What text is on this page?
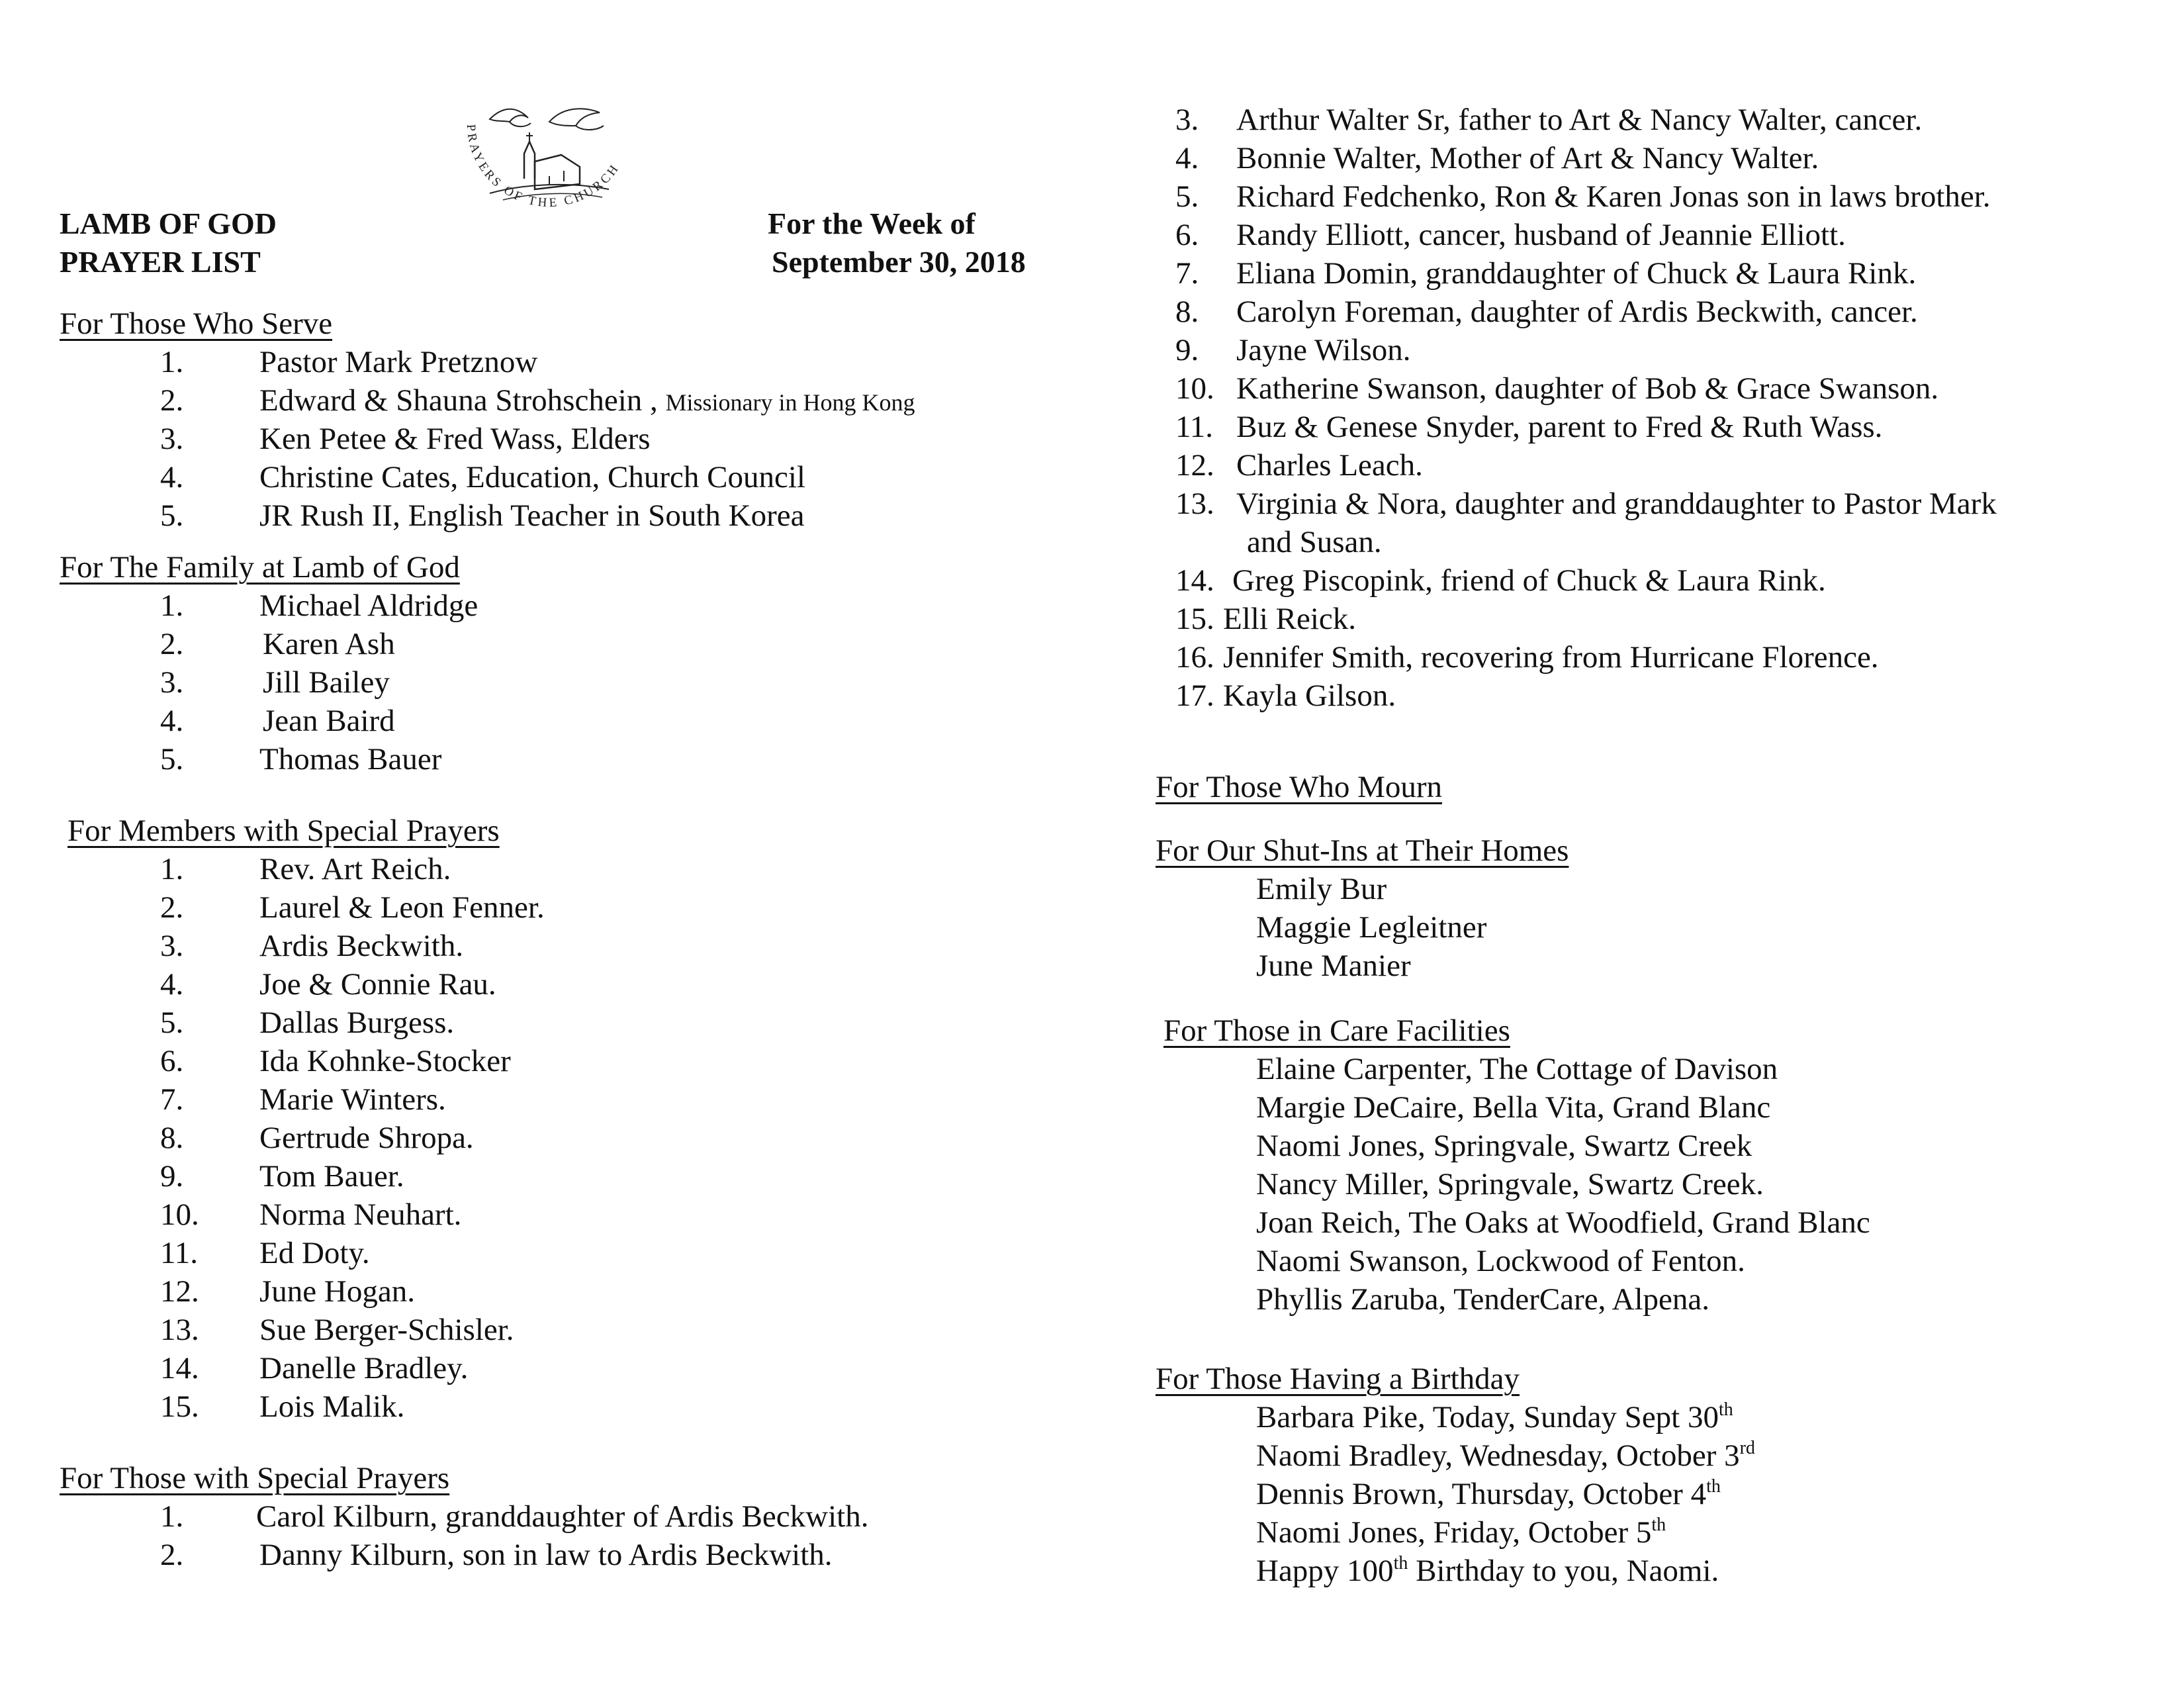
LAMB OF GOD
PRAYER LIST
For the Week of
September 30, 2018
PRAYERS OF THE CHURCH
For Those Who Serve
1. Pastor Mark Pretznow
2. Edward & Shauna Strohschein , Missionary in Hong Kong
3. Ken Petee & Fred Wass, Elders
4. Christine Cates, Education, Church Council
5. JR Rush II, English Teacher in South Korea
For The Family at Lamb of God
1. Michael Aldridge
2.	Karen Ash
3.	Jill Bailey
4.	Jean Baird
5. Thomas Bauer
For Members with Special Prayers
1. Rev. Art Reich.
2. Laurel & Leon Fenner.
3. Ardis Beckwith.
4. Joe & Connie Rau.
5. Dallas Burgess.
6. Ida Kohnke-Stocker
7. Marie Winters.
8. Gertrude Shropa.
9. Tom Bauer.
10. Norma Neuhart.
11. Ed Doty.
12. June Hogan.
13. Sue Berger-Schisler.
14. Danelle Bradley.
15. Lois Malik.
For Those with Special Prayers
1. Carol Kilburn, granddaughter of Ardis Beckwith.
2. Danny Kilburn, son in law to Ardis Beckwith.
3. Arthur Walter Sr, father to Art & Nancy Walter, cancer.
4. Bonnie Walter, Mother of Art & Nancy Walter.
5. Richard Fedchenko, Ron & Karen Jonas son in laws brother.
6. Randy Elliott, cancer, husband of Jeannie Elliott.
7. Eliana Domin, granddaughter of Chuck & Laura Rink.
8. Carolyn Foreman, daughter of Ardis Beckwith, cancer.
9. Jayne Wilson.
10. Katherine Swanson, daughter of Bob & Grace Swanson.
11. Buz & Genese Snyder, parent to Fred & Ruth Wass.
12. Charles Leach.
13. Virginia & Nora, daughter and granddaughter to Pastor Mark
and Susan.
14. Greg Piscopink, friend of Chuck & Laura Rink.
15. Elli Reick.
16. Jennifer Smith, recovering from Hurricane Florence.
17. Kayla Gilson.
For Those Who Mourn
For Our Shut-Ins at Their Homes
Emily Bur
Maggie Legleitner
June Manier
For Those in Care Facilities
Elaine Carpenter, The Cottage of Davison
Margie DeCaire, Bella Vita, Grand Blanc
Naomi Jones, Springvale, Swartz Creek
Nancy Miller, Springvale, Swartz Creek.
Joan Reich, The Oaks at Woodfield, Grand Blanc
Naomi Swanson, Lockwood of Fenton.
Phyllis Zaruba, TenderCare, Alpena.
For Those Having a Birthday
Barbara Pike, Today, Sunday Sept 30th
Naomi Bradley, Wednesday, October 3rd
Dennis Brown, Thursday, October 4th
Naomi Jones, Friday, October 5th
Happy 100th Birthday to you, Naomi.
